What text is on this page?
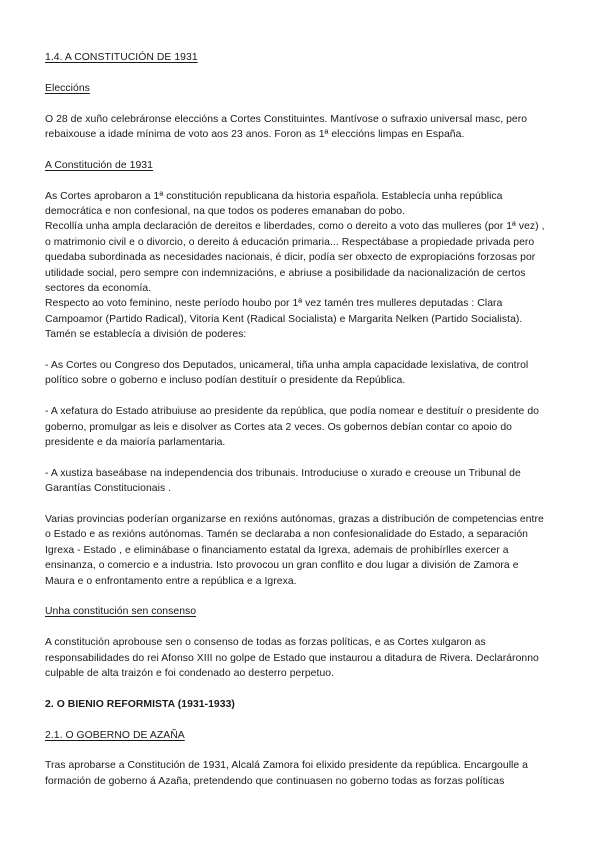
1.4. A CONSTITUCIÓN DE 1931
Eleccións
O 28 de xuño celebráronse eleccións a Cortes Constituintes. Mantívose o sufraxio universal masc, pero
rebaixouse a idade mínima de voto aos 23 anos. Foron as 1ª eleccións limpas en España.
A Constitución de 1931
As Cortes aprobaron a 1ª constitución republicana da historia española. Establecía unha república
democrática e non confesional, na que todos os poderes emanaban do pobo.
Recollía unha ampla declaración de dereitos e liberdades, como o dereito a voto das mulleres (por 1ª vez) ,
o matrimonio civil e o divorcio, o dereito á educación primaria... Respectábase a propiedade privada pero
quedaba subordinada as necesidades nacionais, é dicir, podía ser obxecto de expropiacións forzosas por
utilidade social, pero sempre con indemnizacións, e abriuse a posibilidade da nacionalización de certos
sectores da economía.
Respecto ao voto feminino, neste período houbo por 1ª vez tamén tres mulleres deputadas : Clara
Campoamor (Partido Radical), Vitoria Kent (Radical Socialista) e Margarita Nelken (Partido Socialista).
Tamén se establecía a división de poderes:
- As Cortes ou Congreso dos Deputados, unicameral, tiña unha ampla capacidade lexislativa, de control
político sobre o goberno e incluso podían destituír o presidente da República.
- A xefatura do Estado atribuiuse ao presidente da república, que podía nomear e destituír o presidente do
goberno, promulgar as leis e disolver as Cortes ata 2 veces. Os gobernos debían contar co apoio do
presidente e da maioría parlamentaria.
- A xustiza baseábase na independencia dos tribunais. Introduciuse o xurado e creouse un Tribunal de
Garantías Constitucionais .
Varias provincias poderían organizarse en rexións autónomas, grazas a distribución de competencias entre
o Estado e as rexións autónomas. Tamén se declaraba a non confesionalidade do Estado, a separación
Igrexa - Estado , e eliminábase o financiamento estatal da Igrexa, ademais de prohibírlles exercer a
ensinanza, o comercio e a industria. Isto provocou un gran conflito e dou lugar a división de Zamora e
Maura e o enfrontamento entre a república e a Igrexa.
Unha constitución sen consenso
A constitución aprobouse sen o consenso de todas as forzas políticas, e as Cortes xulgaron as
responsabilidades do rei Afonso XIII no golpe de Estado que instaurou a ditadura de Rivera. Declaráronno
culpable de alta traizón e foi condenado ao desterro perpetuo.
2. O BIENIO REFORMISTA (1931-1933)
2.1. O GOBERNO DE AZAÑA
Tras aprobarse a Constitución de 1931, Alcalá Zamora foi elixido presidente da república. Encargoulle a
formación de goberno á Azaña, pretendendo que continuasen no goberno todas as forzas políticas
